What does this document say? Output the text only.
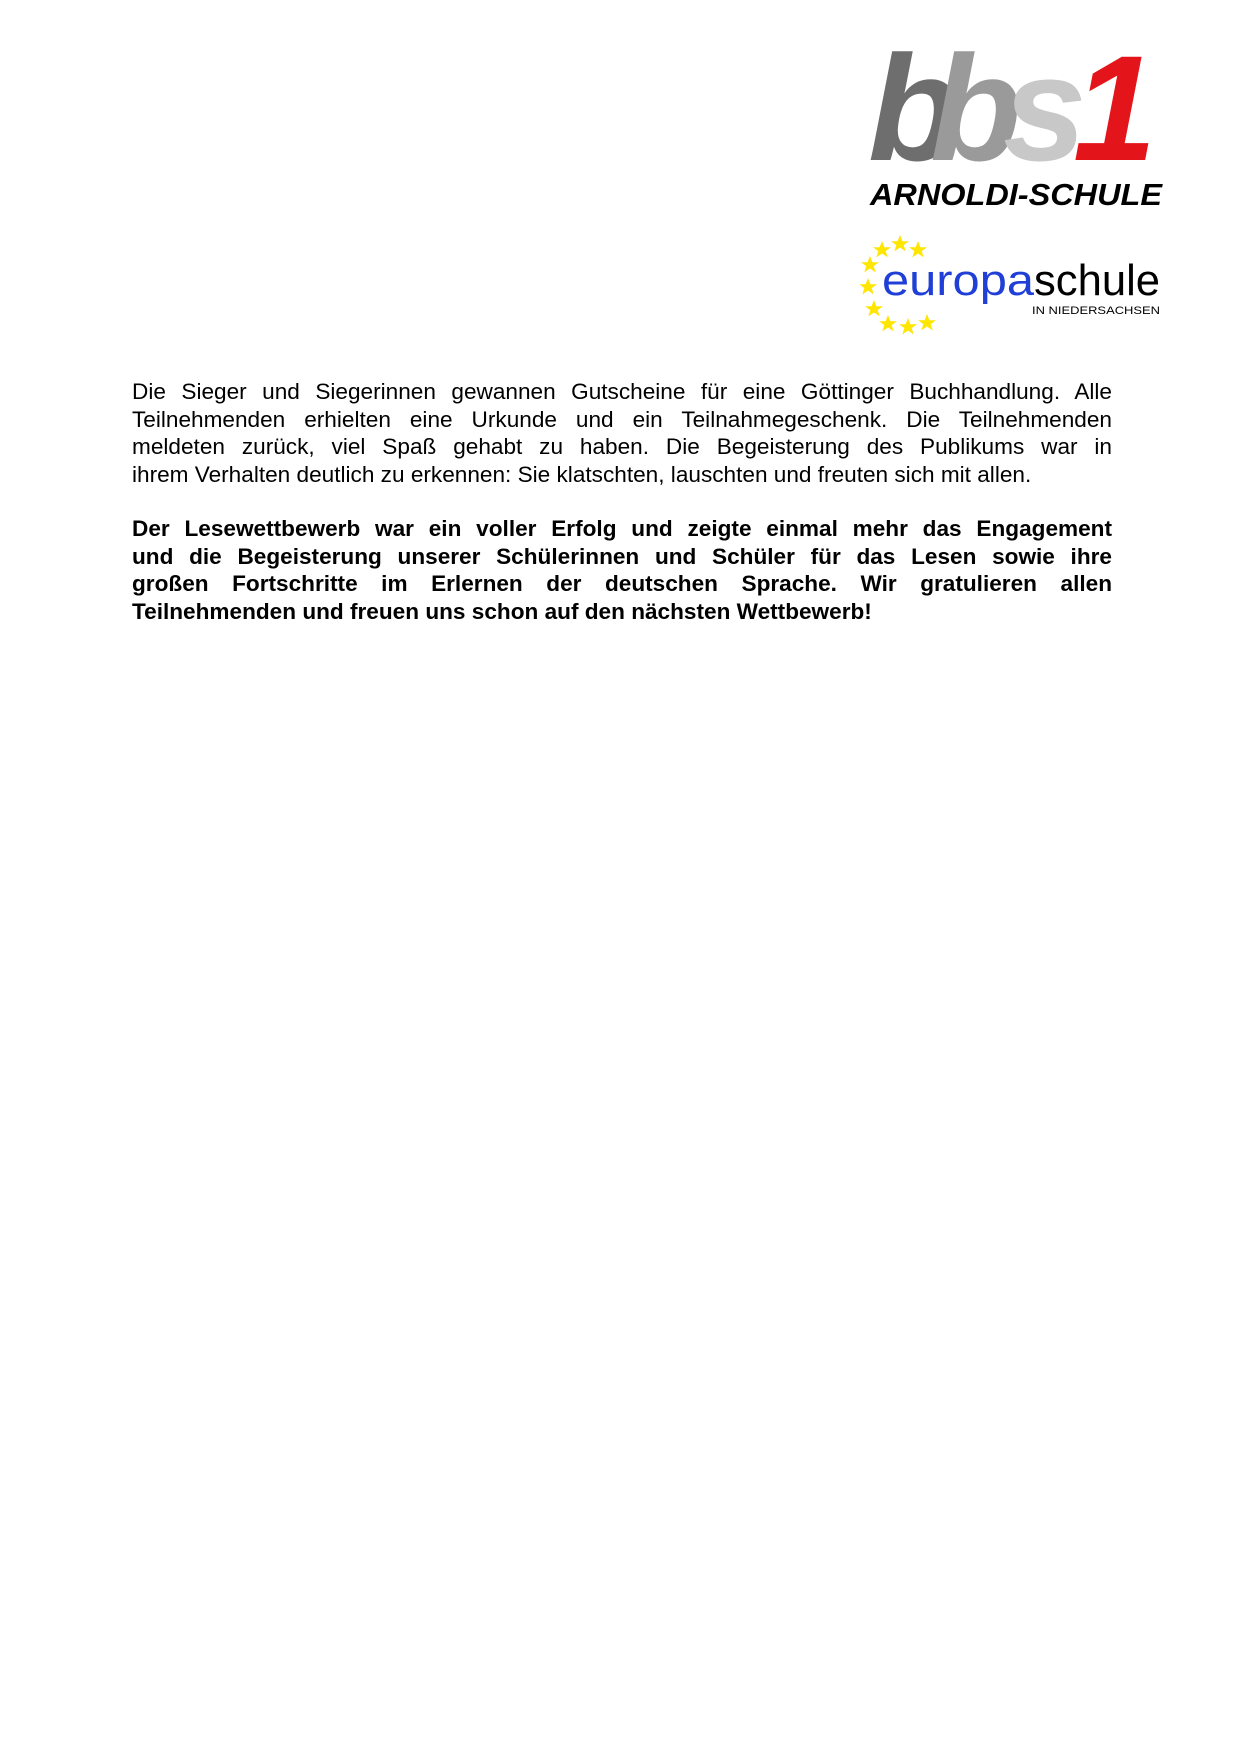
b
b s
1
ARNOLDI-SCHULE
europa schule
IN NIEDERSACHSEN

Die Sieger und Siegerinnen gewannen Gutscheine für eine Göttinger Buchhandlung. Alle
Teilnehmenden erhielten eine Urkunde und ein Teilnahmegeschenk. Die Teilnehmenden
meldeten zurück, viel Spaß gehabt zu haben. Die Begeisterung des Publikums war in
ihrem Verhalten deutlich zu erkennen: Sie klatschten, lauschten und freuten sich mit allen.

Der Lesewettbewerb war ein voller Erfolg und zeigte einmal mehr das Engagement
und die Begeisterung unserer Schülerinnen und Schüler für das Lesen sowie ihre
großen Fortschritte im Erlernen der deutschen Sprache. Wir gratulieren allen
Teilnehmenden und freuen uns schon auf den nächsten Wettbewerb!
